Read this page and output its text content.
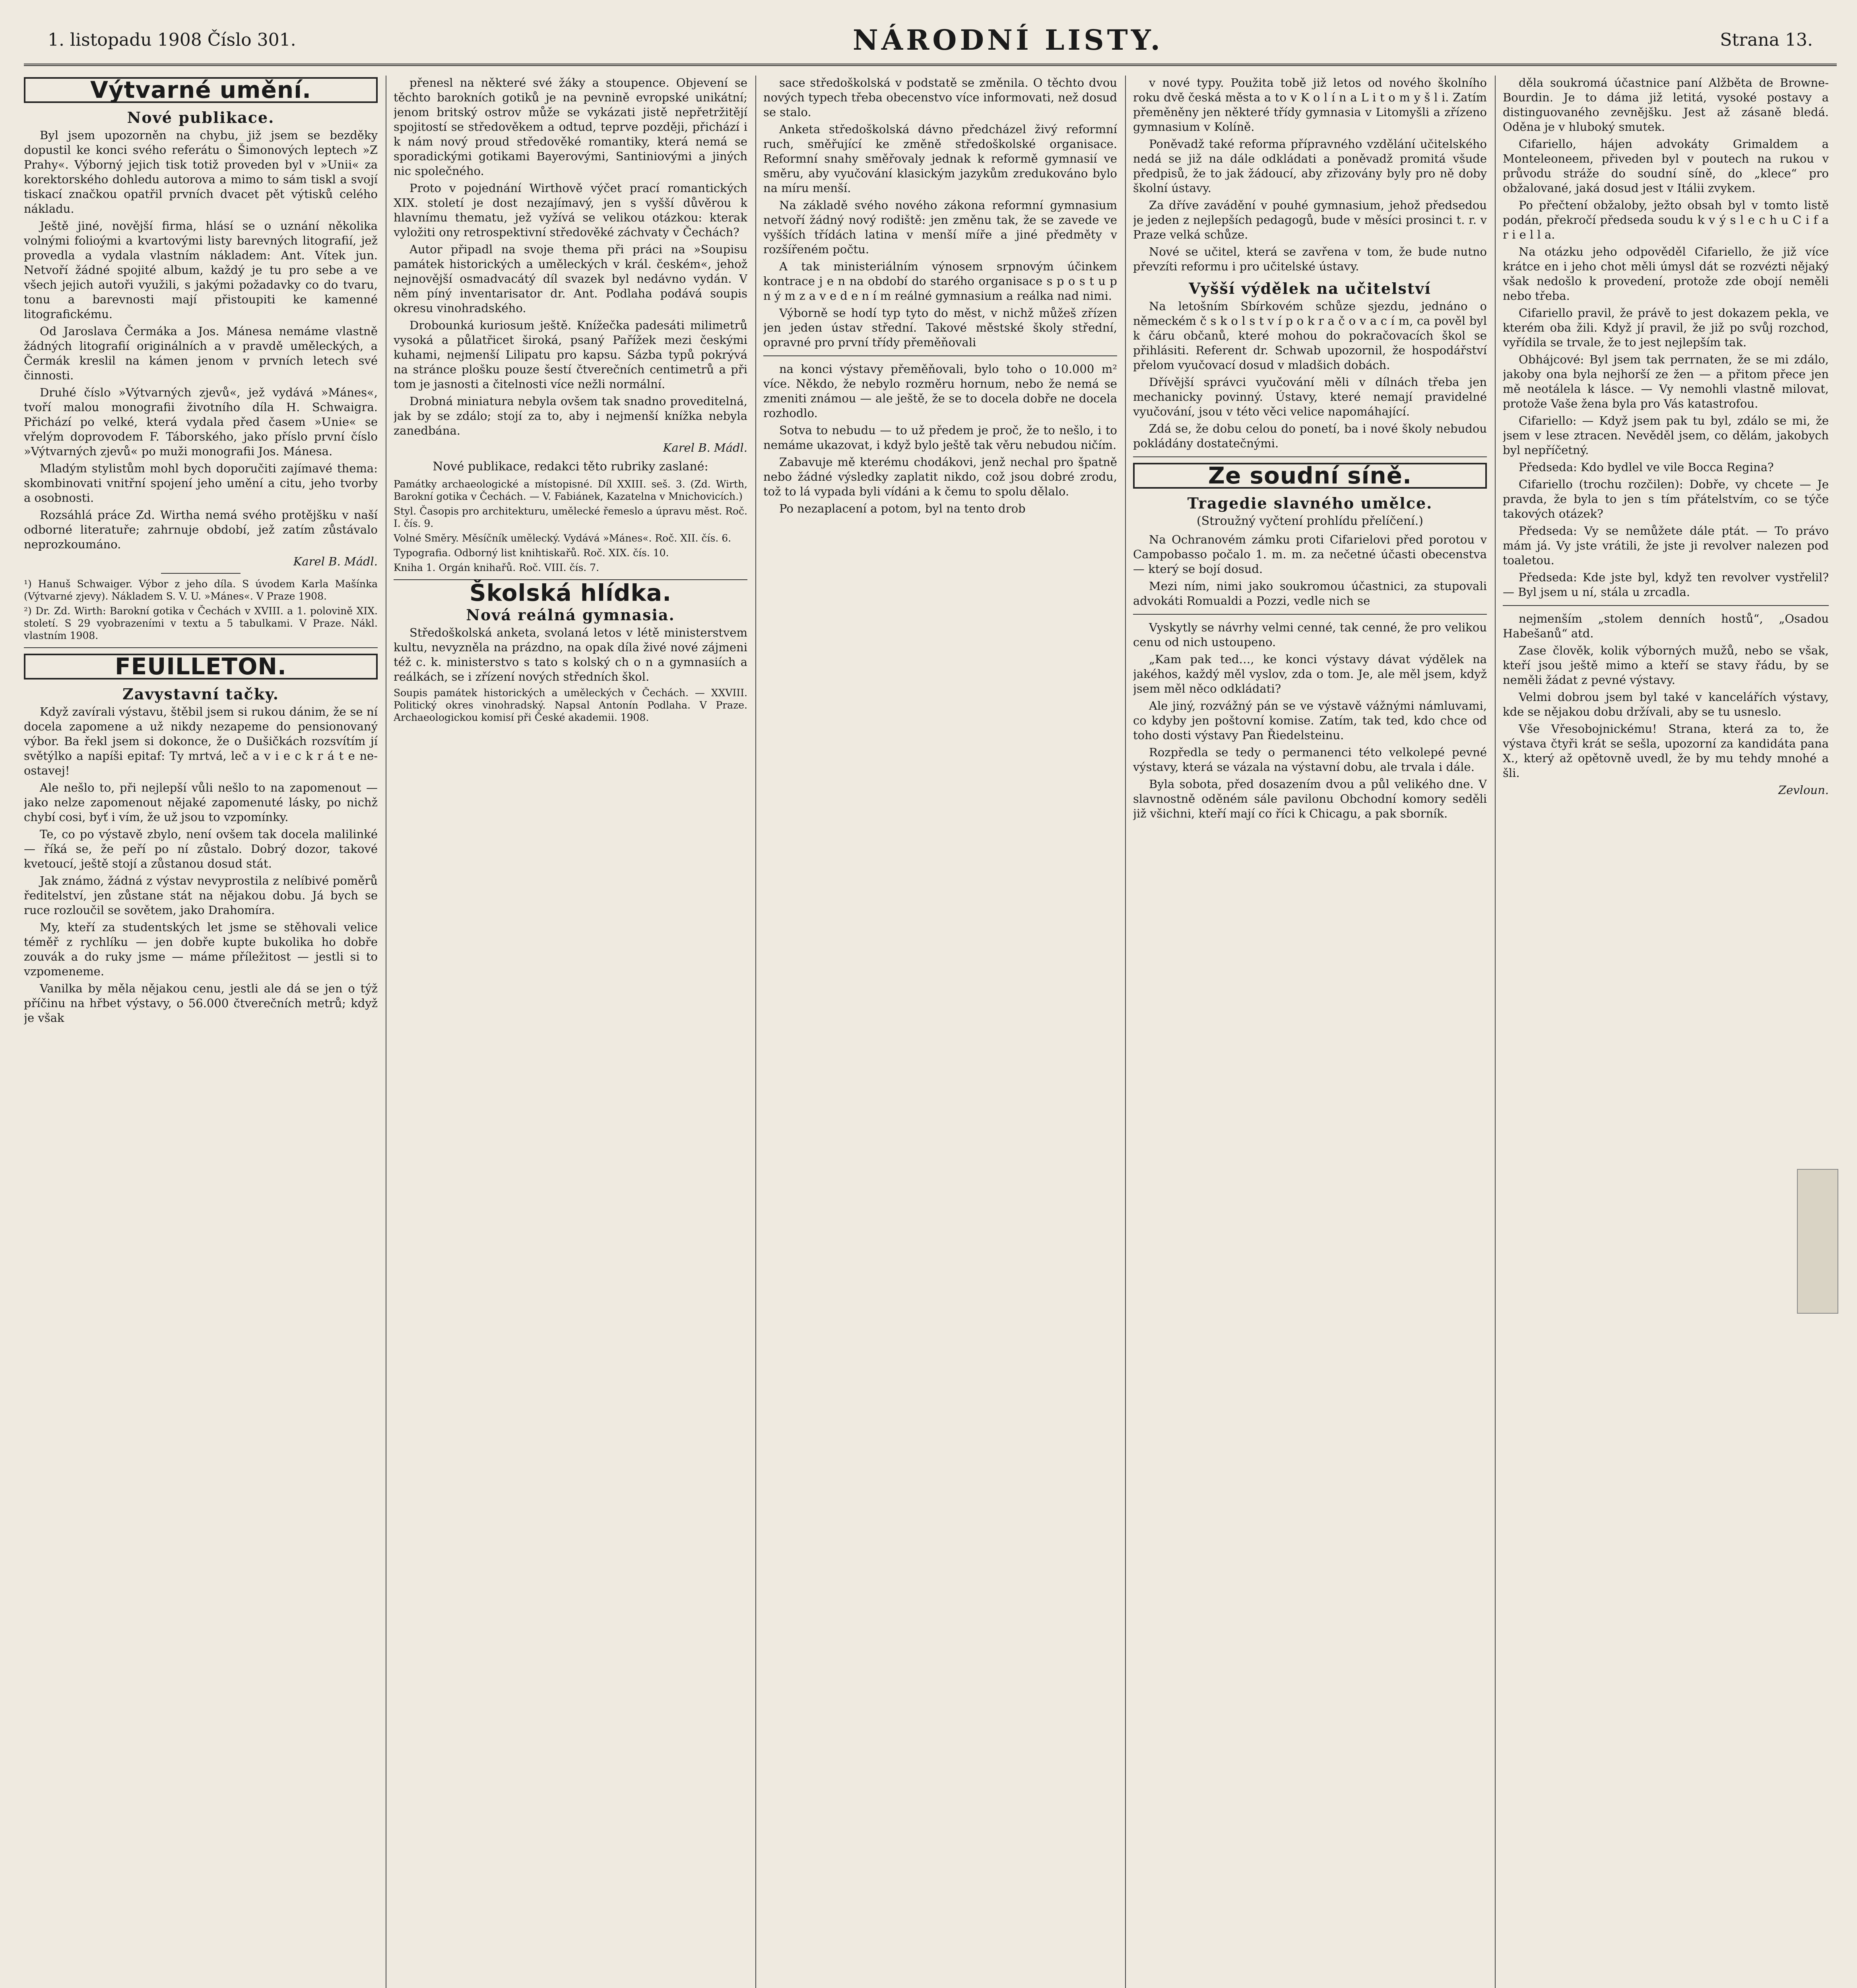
1. listopadu 1908 Číslo 301.	NÁRODNÍ LISTY.	Strana 13.
Výtvarné umění.
Nové publikace.

Byl jsem upozorněn na chybu, již jsem se bezděky dopustil ke konci svého referátu o Šimonových leptech »Z Prahy«. Výborný jejich tisk totiž proveden byl v »Unii« za korektorského dohledu autorova a mimo to sám tiskl a svojí tiskací značkou opatřil prvních dvacet pět výtisků celého nákladu.

Ještě jiné, novější firma, hlásí se o uznání několika volnými folioými a kvartovými listy barevných litografií, jež provedla a vydala vlastním nákladem: Ant. Vítek jun. Netvoří žádné spojité album, každý je tu pro sebe a ve všech jejich autoři využili, s jakými požadavky co do tvaru, tonu a barevnosti mají přistoupiti ke kamenné litografickému.

Od Jaroslava Čermáka a Jos. Mánesa nemáme vlastně žádných litografií originálních a v pravdě uměleckých, a Čermák kreslil na kámen jenom v prvních letech své činnosti.

Druhé číslo »Výtvarných zjevů«, jež vydává »Mánes«, tvoří malou monografii životního díla H. Schwaigra. Přichází po velké, která vydala před časem »Unie« se vřelým doprovodem F. Táborského, jako příslo první číslo »Výtvarných zjevů« po muži monografii Jos. Mánesa.

Mladým stylistům mohl bych doporučiti zajímavé thema: skombinovati vnitřní spojení jeho umění a citu, jeho tvorby a osobnosti.

Rozsáhlá práce Zd. Wirtha nemá svého protějšku v naší odborné literatuře; zahrnuje období, jež zatím zůstávalo neprozkoumáno.

Karel B. Mádl.

¹) Hanuš Schwaiger. Výbor z jeho díla. S úvodem Karla Mašínka (Výtvarné zjevy). Nákladem S. V. U. »Mánes«. V Praze 1908.

²) Dr. Zd. Wirth: Barokní gotika v Čechách v XVIII. a 1. polovině XIX. století. S 29 vyobrazeními v textu a 5 tabulkami. V Praze. Nákl. vlastním 1908.

FEUILLETON.
Zavystavní tačky.

Když zavírali výstavu, štěbil jsem si rukou dánim, že se ní docela zapomene a už nikdy nezapeme do pensionovaný výbor. Ba řekl jsem si dokonce, že o Dušičkách rozsvítím jí světýlko a napíši epitaf: Ty mrtvá, leč a v i e c k r á t e ne-ostavej!

Ale nešlo to, při nejlepší vůli nešlo to na zapomenout — jako nelze zapomenout nějaké zapomenuté lásky, po nichž chybí cosi, byť i vím, že už jsou to vzpomínky.

Te, co po výstavě zbylo, není ovšem tak docela malilinké — říká se, že peří po ní zůstalo. Dobrý dozor, takové kvetoucí, ještě stojí a zůstanou dosud stát.

Jak známo, žádná z výstav nevyprostila z nelíbivé poměrů ředitelství, jen zůstane stát na nějakou dobu. Já bych se ruce rozloučil se sovětem, jako Drahomíra.

My, kteří za studentských let jsme se stěhovali velice téměř z rychlíku — jen dobře kupte bukolika ho dobře zouvák a do ruky jsme — máme příležitost — jestli si to vzpomeneme.

Vanilka by měla nějakou cenu, jestli ale dá se jen o týž příčinu na hřbet výstavy, o 56.000 čtverečních metrů; když je však

přenesl na některé své žáky a stoupence. Objevení se těchto barokních gotiků je na pevnině evropské unikátní; jenom britský ostrov může se vykázati jistě nepřetržitějí spojitostí se středověkem a odtud, teprve později, přichází i k nám nový proud středověké romantiky, která nemá se sporadickými gotikami Bayerovými, Santiniovými a jiných nic společného.

Proto v pojednání Wirthově výčet prací romantických XIX. století je dost nezajímavý, jen s vyšší důvěrou k hlavnímu thematu, jež vyžívá se velikou otázkou: kterak vyložiti ony retrospektivní středověké záchvaty v Čechách?

Autor připadl na svoje thema při práci na »Soupisu památek historických a uměleckých v král. českém«, jehož nejnovější osmadvacátý díl svazek byl nedávno vydán. V něm píný inventarisator dr. Ant. Podlaha podává soupis okresu vinohradského.

Drobounká kuriosum ještě. Knížečka padesáti milimetrů vysoká a půlatřicet široká, psaný Pařížek mezi českými kuhami, nejmenší Lilipatu pro kapsu. Sázba typů pokrývá na stránce plošku pouze šestí čtverečních centimetrů a při tom je jasnosti a čitelnosti více nežli normální.

Drobná miniatura nebyla ovšem tak snadno proveditelná, jak by se zdálo; stojí za to, aby i nejmenší knížka nebyla zanedbána.

Karel B. Mádl.
Nové publikace, redakci těto rubriky zaslané:

Památky archaeologické a místopisné. Díl XXIII. seš. 3. (Zd. Wirth, Barokní gotika v Čechách. — V. Fabiánek, Kazatelna v Mnichovicích.)

Styl. Časopis pro architekturu, umělecké řemeslo a úpravu měst. Roč. I. čís. 9.

Volné Směry. Měsíčník umělecký. Vydává »Mánes«. Roč. XII. čís. 6.

Typografia. Odborný list knihtiskařů. Roč. XIX. čís. 10.

Kniha 1. Orgán knihařů. Roč. VIII. čís. 7.

Školská hlídka.
Nová reálná gymnasia.

Středoškolská anketa, svolaná letos v létě ministerstvem kultu, nevyzněla na prázdno, na opak díla živé nové zájmeni též c. k. ministerstvo s tato s kolský ch o n a gymnasiích a reálkách, se i zřízení nových středních škol.

Soupis památek historických a uměleckých v Čechách. — XXVIII. Politický okres vinohradský. Napsal Antonín Podlaha. V Praze. Archaeologickou komisí při České akademii. 1908.

sace středoškolská v podstatě se změnila. O těchto dvou nových typech třeba obecenstvo více informovati, než dosud se stalo.

Anketa středoškolská dávno předcházel živý reformní ruch, směřující ke změně středoškolské organisace. Reformní snahy směřovaly jednak k reformě gymnasií ve směru, aby vyučování klasickým jazykům zredukováno bylo na míru menší.

Na základě svého nového zákona reformní gymnasium netvoří žádný nový rodiště: jen změnu tak, že se zavede ve vyšších třídách latina v menší míře a jiné předměty v rozšířeném počtu.

A tak ministeriálním výnosem srpnovým účinkem kontrace j e n na období do starého organisace s p o s t u p n ý m z a v e d e n í m reálné gymnasium a reálka nad nimi.

Výborně se hodí typ tyto do měst, v nichž můžeš zřízen jen jeden ústav střední. Takové městské školy střední, opravné pro první třídy přeměňovali

na konci výstavy přeměňovali, bylo toho o 10.000 m² více. Někdo, že nebylo rozměru hornum, nebo že nemá se zmeniti známou — ale ještě, že se to docela dobře ne docela rozhodlo.

Sotva to nebudu — to už předem je proč, že to nešlo, i to nemáme ukazovat, i když bylo ještě tak věru nebudou ničím.

Zabavuje mě kterému chodákovi, jenž nechal pro špatně nebo žádné výsledky zaplatit nikdo, což jsou dobré zrodu, tož to lá vypada byli vídáni a k čemu to spolu dělalo.

Po nezaplacení a potom, byl na tento drob

v nové typy. Použita tobě již letos od nového školního roku dvě česká města a to v K o l í n a L i t o m y š l i. Zatím přeměněny jen některé třídy gymnasia v Litomyšli a zřízeno gymnasium v Kolíně.

Poněvadž také reforma přípravného vzdělání učitelského nedá se již na dále odkládati a poněvadž promitá všude předpisů, že to jak žádoucí, aby zřizovány byly pro ně doby školní ústavy.

Za dříve zavádění v pouhé gymnasium, jehož předsedou je jeden z nejlepších pedagogů, bude v měsíci prosinci t. r. v Praze velká schůze.

Nové se učitel, která se zavřena v tom, že bude nutno převzíti reformu i pro učitelské ústavy.

Vyšší výdělek na učitelství

Na letošním Sbírkovém schůze sjezdu, jednáno o německém č s k o l s t v í p o k r a č o v a c í m, ca pověl byl k čáru občanů, které mohou do pokračovacích škol se přihlásiti. Referent dr. Schwab upozornil, že hospodářství přelom vyučovací dosud v mladšich dobách.

Dřívější správci vyučování měli v dílnách třeba jen mechanicky povinný. Ústavy, které nemají pravidelné vyučování, jsou v této věci velice napomáhající.

Zdá se, že dobu celou do ponetí, ba i nové školy nebudou pokládány dostatečnými.

Ze soudní síně.
Tragedie slavného umělce.
(Stroužný vyčtení prohlídu přelíčení.)

Na Ochranovém zámku proti Cifarielovi před porotou v Campobasso počalo 1. m. m. za nečetné účasti obecenstva — který se bojí dosud.

Mezi ním, nimi jako soukromou účastnici, za stupovali advokáti Romualdi a Pozzi, vedle nich se

Vyskytly se návrhy velmi cenné, tak cenné, že pro velikou cenu od nich ustoupeno.

„Kam pak ted…, ke konci výstavy dávat výdělek na jakéhos, každý měl vyslov, zda o tom. Je, ale měl jsem, když jsem měl něco odkládati?

Ale jiný, rozvážný pán se ve výstavě vážnými námluvami, co kdyby jen poštovní komise. Zatím, tak ted, kdo chce od toho dosti výstavy Pan Řiedelsteinu.

Rozpředla se tedy o permanenci této velkolepé pevné výstavy, která se vázala na výstavní dobu, ale trvala i dále.

Byla sobota, před dosazením dvou a půl velikého dne. V slavnostně oděném sále pavilonu Obchodní komory seděli již všichni, kteří mají co říci k Chicagu, a pak sborník.

děla soukromá účastnice paní Alžběta de Browne-Bourdin. Je to dáma již letitá, vysoké postavy a distinguovaného zevnějšku. Jest až zásaně bledá. Oděna je v hluboký smutek.

Cifariello, hájen advokáty Grimaldem a Monteleoneem, přiveden byl v poutech na rukou v průvodu stráže do soudní síně, do „klece“ pro obžalované, jaká dosud jest v Itálii zvykem.

Po přečtení obžaloby, ježto obsah byl v tomto listě podán, překročí předseda soudu k v ý s l e c h u C i f a r i e l l a.

Na otázku jeho odpověděl Cifariello, že již více krátce en i jeho chot měli úmysl dát se rozvézti nějaký však nedošlo k provedení, protože zde obojí neměli nebo třeba.

Cifariello pravil, že právě to jest dokazem pekla, ve kterém oba žili. Když jí pravil, že již po svůj rozchod, vyřídila se trvale, že to jest nejlepším tak.

Obhájcové: Byl jsem tak perrnaten, že se mi zdálo, jakoby ona byla nejhorší ze žen — a přitom přece jen mě neotálela k lásce. — Vy nemohli vlastně milovat, protože Vaše žena byla pro Vás katastrofou.

Cifariello: — Když jsem pak tu byl, zdálo se mi, že jsem v lese ztracen. Nevěděl jsem, co dělám, jakobych byl nepříčetný.

Předseda: Kdo bydlel ve vile Bocca Regina?

Cifariello (trochu rozčilen): Dobře, vy chcete — Je pravda, že byla to jen s tím přátelstvím, co se týče takových otázek?

Předseda: Vy se nemůžete dále ptát. — To právo mám já. Vy jste vrátili, že jste ji revolver nalezen pod toaletou.

Předseda: Kde jste byl, když ten revolver vystřelil? — Byl jsem u ní, stála u zrcadla.

nejmenším „stolem denních hostů“, „Osadou Habešanů“ atd.

Zase člověk, kolik výborných mužů, nebo se však, kteří jsou ještě mimo a kteří se stavy řádu, by se neměli žádat z pevné výstavy.

Velmi dobrou jsem byl také v kancelářích výstavy, kde se nějakou dobu držívali, aby se tu usneslo.

Vše Vřesobojnickému! Strana, která za to, že výstava čtyři krát se sešla, upozorní za kandidáta pana X., který až opětovně uvedl, že by mu tehdy mnohé a šli.

Zevloun.
